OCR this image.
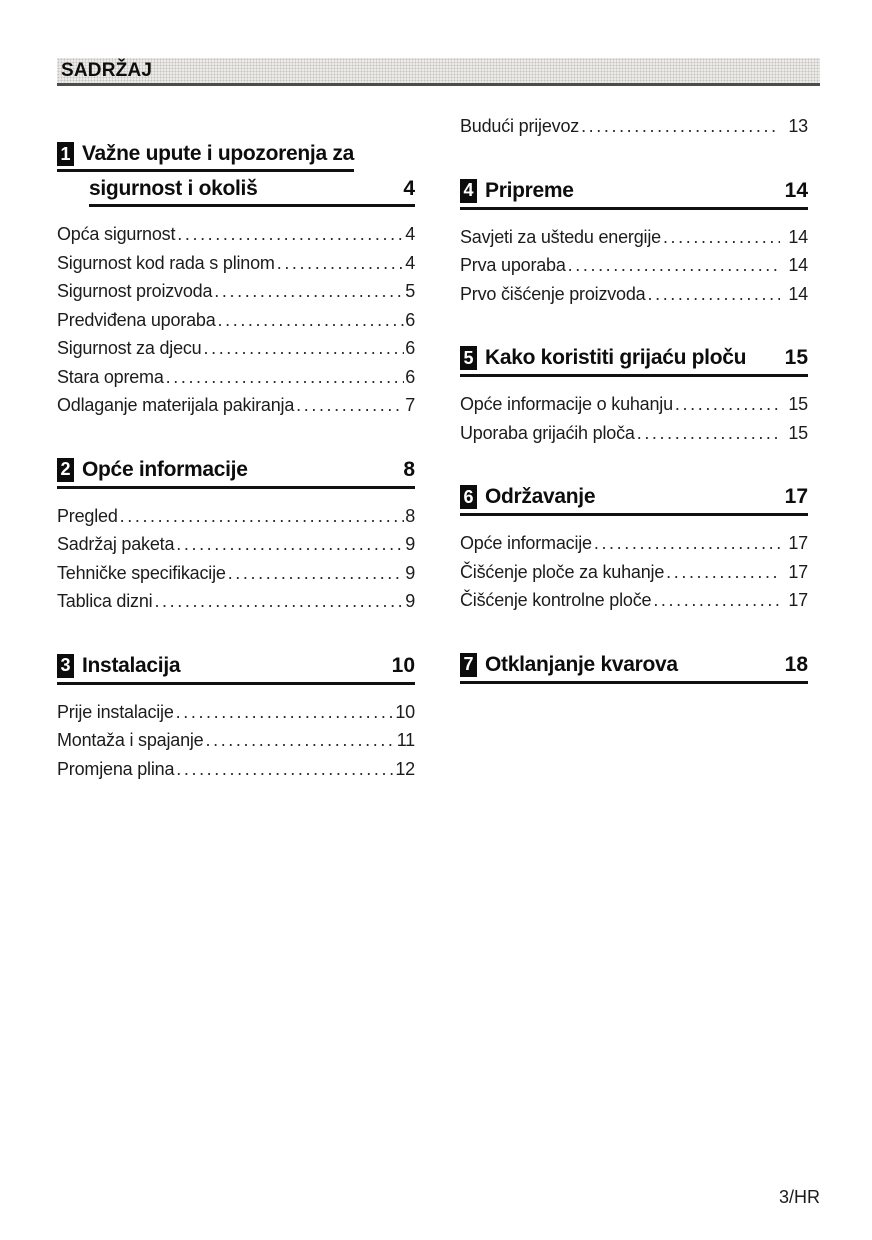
SADRŽAJ
1 Važne upute i upozorenja za
sigurnost i okoliš	4
Opća sigurnost .....	4
Sigurnost kod rada s plinom .....	4
Sigurnost proizvoda .....	5
Predviđena uporaba .....	6
Sigurnost za djecu .....	6
Stara oprema .....	6
Odlaganje materijala pakiranja .....	7
2 Opće informacije	8
Pregled .....	8
Sadržaj paketa .....	9
Tehničke specifikacije .....	9
Tablica dizni .....	9
3 Instalacija	10
Prije instalacije .....	10
Montaža i spajanje .....	11
Promjena plina .....	12
Budući prijevoz .....	13
4 Pripreme	14
Savjeti za uštedu energije .....	14
Prva uporaba .....	14
Prvo čišćenje proizvoda .....	14
5 Kako koristiti grijaću ploču 15
Opće informacije o kuhanju .....	15
Uporaba grijaćih ploča .....	15
6 Održavanje	17
Opće informacije .....	17
Čišćenje ploče za kuhanje .....	17
Čišćenje kontrolne ploče .....	17
7 Otklanjanje kvarova	18
3/HR
